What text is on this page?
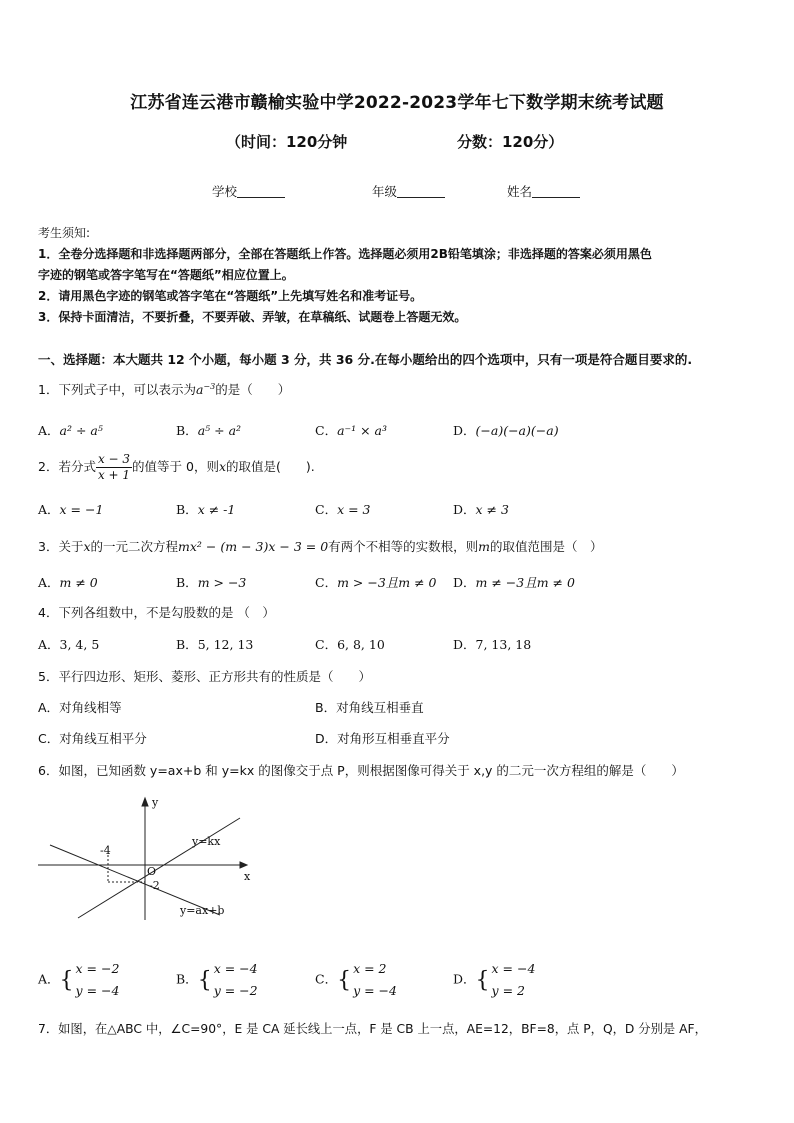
江苏省连云港市赣榆实验中学2022-2023学年七下数学期末统考试题
（时间：120分钟	分数：120分）
学校	年级	姓名
考生须知:
1．全卷分选择题和非选择题两部分，全部在答题纸上作答。选择题必须用2B铅笔填涂；非选择题的答案必须用黑色
字迹的钢笔或答字笔写在“答题纸”相应位置上。
2．请用黑色字迹的钢笔或答字笔在“答题纸”上先填写姓名和准考证号。
3．保持卡面清洁，不要折叠，不要弄破、弄皱，在草稿纸、试题卷上答题无效。
一、选择题：本大题共 12 个小题，每小题 3 分，共 36 分.在每小题给出的四个选项中，只有一项是符合题目要求的.
1．下列式子中，可以表示为$a^{-3}$的是（　　）
A．a² ÷ a⁵	B．a⁵ ÷ a²	C．a⁻¹ × a³	D．(−a)(−a)(−a)
2．若分式 $\frac{x - 3}{x + 1}$ 的值等于 0，则x的取值是(　　).
A．x = −1	B．x ≠ -1	C．x = 3	D．x ≠ 3
3．关于x的一元二次方程mx² − (m − 3)x − 3 = 0有两个不相等的实数根，则m的取值范围是（　）
A．m ≠ 0	B．m > −3	C．m > −3且m ≠ 0 D．m ≠ −3且m ≠ 0
4．下列各组数中，不是勾股数的是 （　）
A．3, 4, 5	B．5, 12, 13	C．6, 8, 10	D．7, 13, 18
5．平行四边形、矩形、菱形、正方形共有的性质是（　　）
A．对角线相等	B．对角线互相垂直
C．对角线互相平分	D．对角形互相垂直平分
6．如图，已知函数 y=ax+b 和 y=kx 的图像交于点 P，则根据图像可得关于 x,y 的二元一次方程组的解是（　　）
y
x
O
-4
-2
y=kx
y=ax+b
A．{ x = −2
y = −4
B．{ x = −4
y = −2
C．{ x = 2
y = −4
D．{ x = −4
y = 2
7．如图，在△ABC 中，∠C=90°，E 是 CA 延长线上一点，F 是 CB 上一点，AE=12，BF=8，点 P，Q，D 分别是 AF，
